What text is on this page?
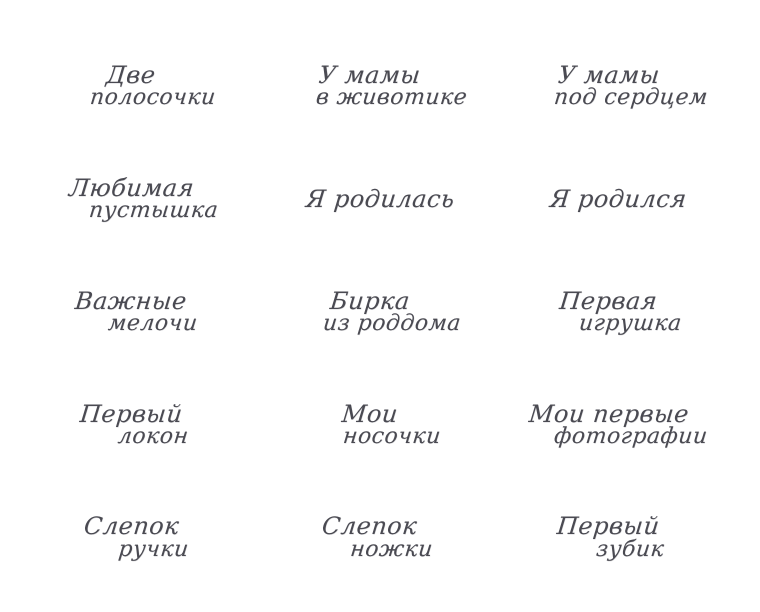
Две
полосочки
У мамы
в животике
У мамы
под сердцем
Любимая
пустышка	Я родилась	Я родился
Важные
мелочи
Бирка
из роддома
Первая
игрушка
Первый
локон
Мои
носочки
Мои первые
фотографии
Слепок
ручки
Слепок
ножки
Первый
зубик
